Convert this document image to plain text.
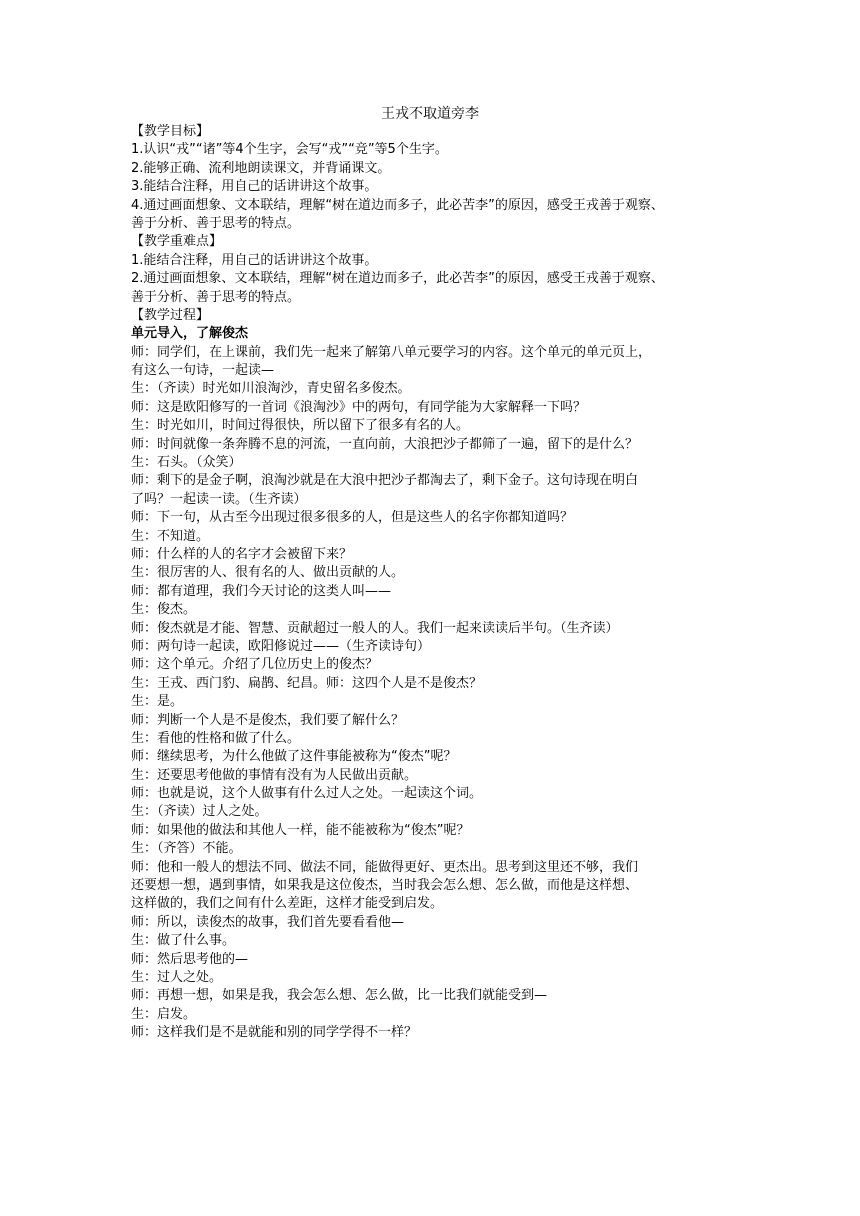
王戎不取道旁李
【教学目标】
1.认识“戎”“诸”等4个生字，会写“戎”“竞”等5个生字。
2.能够正确、流利地朗读课文，并背诵课文。
3.能结合注释，用自己的话讲讲这个故事。
4.通过画面想象、文本联结，理解“树在道边而多子，此必苦李”的原因，感受王戎善于观察、
善于分析、善于思考的特点。
【教学重难点】
1.能结合注释，用自己的话讲讲这个故事。
2.通过画面想象、文本联结，理解“树在道边而多子，此必苦李”的原因，感受王戎善于观察、
善于分析、善于思考的特点。
【教学过程】
单元导入，了解俊杰
师：同学们，在上课前，我们先一起来了解第八单元要学习的内容。这个单元的单元页上，
有这么一句诗，一起读—
生：（齐读）时光如川浪淘沙，青史留名多俊杰。
师：这是欧阳修写的一首词《浪淘沙》中的两句，有同学能为大家解释一下吗？
生：时光如川，时间过得很快，所以留下了很多有名的人。
师：时间就像一条奔腾不息的河流，一直向前，大浪把沙子都筛了一遍，留下的是什么？
生：石头。（众笑）
师：剩下的是金子啊，浪淘沙就是在大浪中把沙子都淘去了，剩下金子。这句诗现在明白
了吗？一起读一读。（生齐读）
师：下一句，从古至今出现过很多很多的人，但是这些人的名字你都知道吗？
生：不知道。
师：什么样的人的名字才会被留下来？
生：很厉害的人、很有名的人、做出贡献的人。
师：都有道理，我们今天讨论的这类人叫——
生：俊杰。
师：俊杰就是才能、智慧、贡献超过一般人的人。我们一起来读读后半句。（生齐读）
师：两句诗一起读，欧阳修说过——（生齐读诗句）
师：这个单元。介绍了几位历史上的俊杰？
生：王戎、西门豹、扁鹊、纪昌。师：这四个人是不是俊杰？
生：是。
师：判断一个人是不是俊杰，我们要了解什么？
生：看他的性格和做了什么。
师：继续思考，为什么他做了这件事能被称为“俊杰”呢？
生：还要思考他做的事情有没有为人民做出贡献。
师：也就是说，这个人做事有什么过人之处。一起读这个词。
生：（齐读）过人之处。
师：如果他的做法和其他人一样，能不能被称为“俊杰”呢？
生：（齐答）不能。
师：他和一般人的想法不同、做法不同，能做得更好、更杰出。思考到这里还不够，我们
还要想一想，遇到事情，如果我是这位俊杰，当时我会怎么想、怎么做，而他是这样想、
这样做的，我们之间有什么差距，这样才能受到启发。
师：所以，读俊杰的故事，我们首先要看看他—
生：做了什么事。
师：然后思考他的—
生：过人之处。
师：再想一想，如果是我，我会怎么想、怎么做，比一比我们就能受到—
生：启发。
师：这样我们是不是就能和别的同学学得不一样？
